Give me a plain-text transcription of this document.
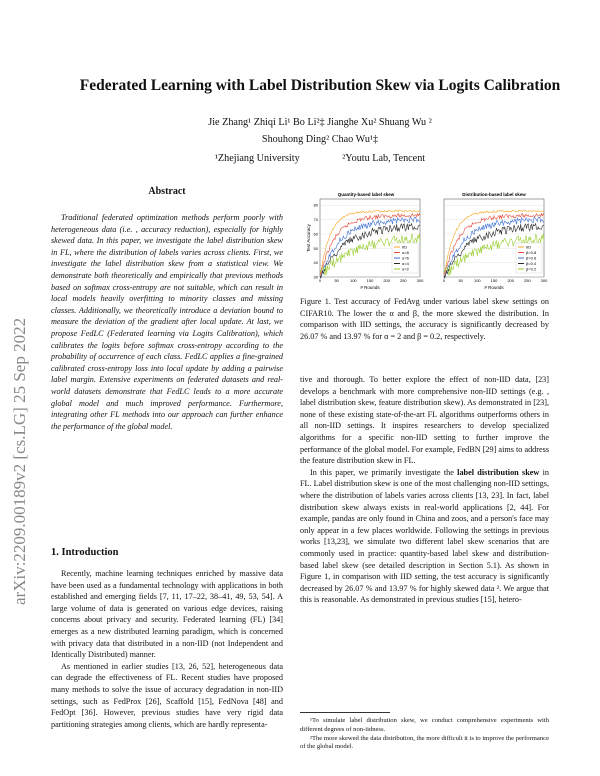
arXiv:2209.00189v2 [cs.LG] 25 Sep 2022
Federated Learning with Label Distribution Skew via Logits Calibration
Jie Zhang¹ Zhiqi Li¹ Bo Li²‡ Jianghe Xu² Shuang Wu ²
Shouhong Ding² Chao Wu¹‡
¹Zhejiang University	²Youtu Lab, Tencent
Abstract

Traditional federated optimization methods perform poorly with heterogeneous data (i.e. , accuracy reduction), especially for highly skewed data. In this paper, we investigate the label distribution skew in FL, where the distribution of labels varies across clients. First, we investigate the label distribution skew from a statistical view. We demonstrate both theoretically and empirically that previous methods based on softmax cross-entropy are not suitable, which can result in local models heavily overfitting to minority classes and missing classes. Additionally, we theoretically introduce a deviation bound to measure the deviation of the gradient after local update. At last, we propose FedLC (Federated learning via Logits Calibration), which calibrates the logits before softmax cross-entropy according to the probability of occurrence of each class. FedLC applies a fine-grained calibrated cross-entropy loss into local update by adding a pairwise label margin. Extensive experiments on federated datasets and real-world datasets demonstrate that FedLC leads to a more accurate global model and much improved performance. Furthermore, integrating other FL methods into our approach can further enhance the performance of the global model.

1. Introduction

Recently, machine learning techniques enriched by massive data have been used as a fundamental technology with applications in both established and emerging fields [7, 11, 17–22, 38–41, 49, 53, 54]. A large volume of data is generated on various edge devices, raising concerns about privacy and security. Federated learning (FL) [34] emerges as a new distributed learning paradigm, which is concerned with privacy data that distributed in a non-IID (not Independent and Identically Distributed) manner.

As mentioned in earlier studies [13, 26, 52], heterogeneous data can degrade the effectiveness of FL. Recent studies have proposed many methods to solve the issue of accuracy degradation in non-IID settings, such as FedProx [26], Scaffold [15], FedNova [48] and FedOpt [36]. However, previous studies have very rigid data partitioning strategies among clients, which are hardly representa-

Quantity-based label skew
IID
α=8
α=6
α=4
α=2
30
40
50
60
70
80
0	50	100 150 200 250 300
# Rounds
Test Accuracy
Distribution-based label skew
IID
β=0.8
β=0.6
β=0.4
β=0.2
0	50	100 150 200 250 300
# Rounds

Figure 1. Test accuracy of FedAvg under various label skew settings on CIFAR10. The lower the α and β, the more skewed the distribution. In comparison with IID settings, the accuracy is significantly decreased by 26.07 % and 13.97 % for α = 2 and β = 0.2, respectively.

tive and thorough. To better explore the effect of non-IID data, [23] develops a benchmark with more comprehensive non-IID settings (e.g. , label distribution skew, feature distribution skew). As demonstrated in [23], none of these existing state-of-the-art FL algorithms outperforms others in all non-IID settings. It inspires researchers to develop specialized algorithms for a specific non-IID setting to further improve the performance of the global model. For example, FedBN [29] aims to address the feature distribution skew in FL.

In this paper, we primarily investigate the label distribution skew in FL. Label distribution skew is one of the most challenging non-IID settings, where the distribution of labels varies across clients [13, 23]. In fact, label distribution skew always exists in real-world applications [2, 44]. For example, pandas are only found in China and zoos, and a person's face may only appear in a few places worldwide. Following the settings in previous works [13,23], we simulate two different label skew scenarios that are commonly used in practice: quantity-based label skew and distribution-based label skew (see detailed description in Section 5.1). As shown in Figure 1, in comparison with IID setting, the test accuracy is significantly decreased by 26.07 % and 13.97 % for highly skewed data ². We argue that this is reasonable. As demonstrated in previous studies [15], hetero-

¹To simulate label distribution skew, we conduct comprehensive experiments with different degrees of non-iidness.

²The more skewed the data distribution, the more difficult it is to improve the performance of the global model.
